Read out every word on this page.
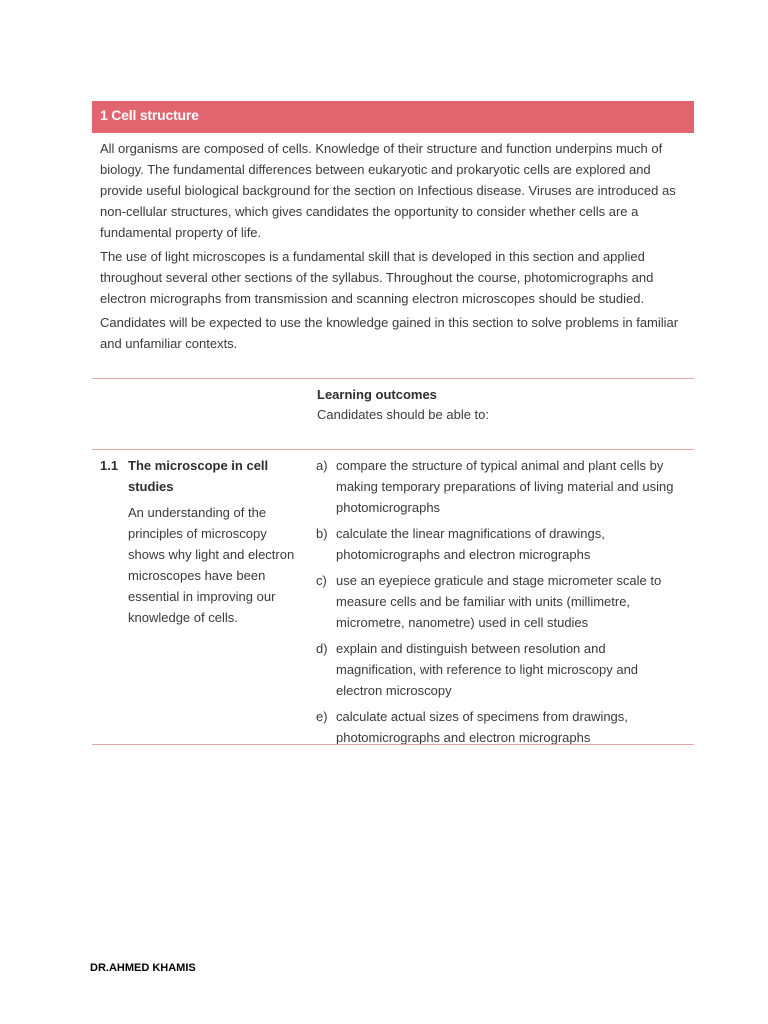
1 Cell structure

All organisms are composed of cells. Knowledge of their structure and function underpins much of biology. The fundamental differences between eukaryotic and prokaryotic cells are explored and provide useful biological background for the section on Infectious disease. Viruses are introduced as non-cellular structures, which gives candidates the opportunity to consider whether cells are a fundamental property of life.

The use of light microscopes is a fundamental skill that is developed in this section and applied throughout several other sections of the syllabus. Throughout the course, photomicrographs and electron micrographs from transmission and scanning electron microscopes should be studied.

Candidates will be expected to use the knowledge gained in this section to solve problems in familiar and unfamiliar contexts.

Learning outcomes
Candidates should be able to:
1.1 The microscope in cell studies
An understanding of the principles of microscopy shows why light and electron microscopes have been essential in improving our knowledge of cells.
a) compare the structure of typical animal and plant cells by making temporary preparations of living material and using photomicrographs
b) calculate the linear magnifications of drawings, photomicrographs and electron micrographs
c) use an eyepiece graticule and stage micrometer scale to measure cells and be familiar with units (millimetre, micrometre, nanometre) used in cell studies
d) explain and distinguish between resolution and magnification, with reference to light microscopy and electron microscopy
e) calculate actual sizes of specimens from drawings, photomicrographs and electron micrographs
DR.AHMED KHAMIS
